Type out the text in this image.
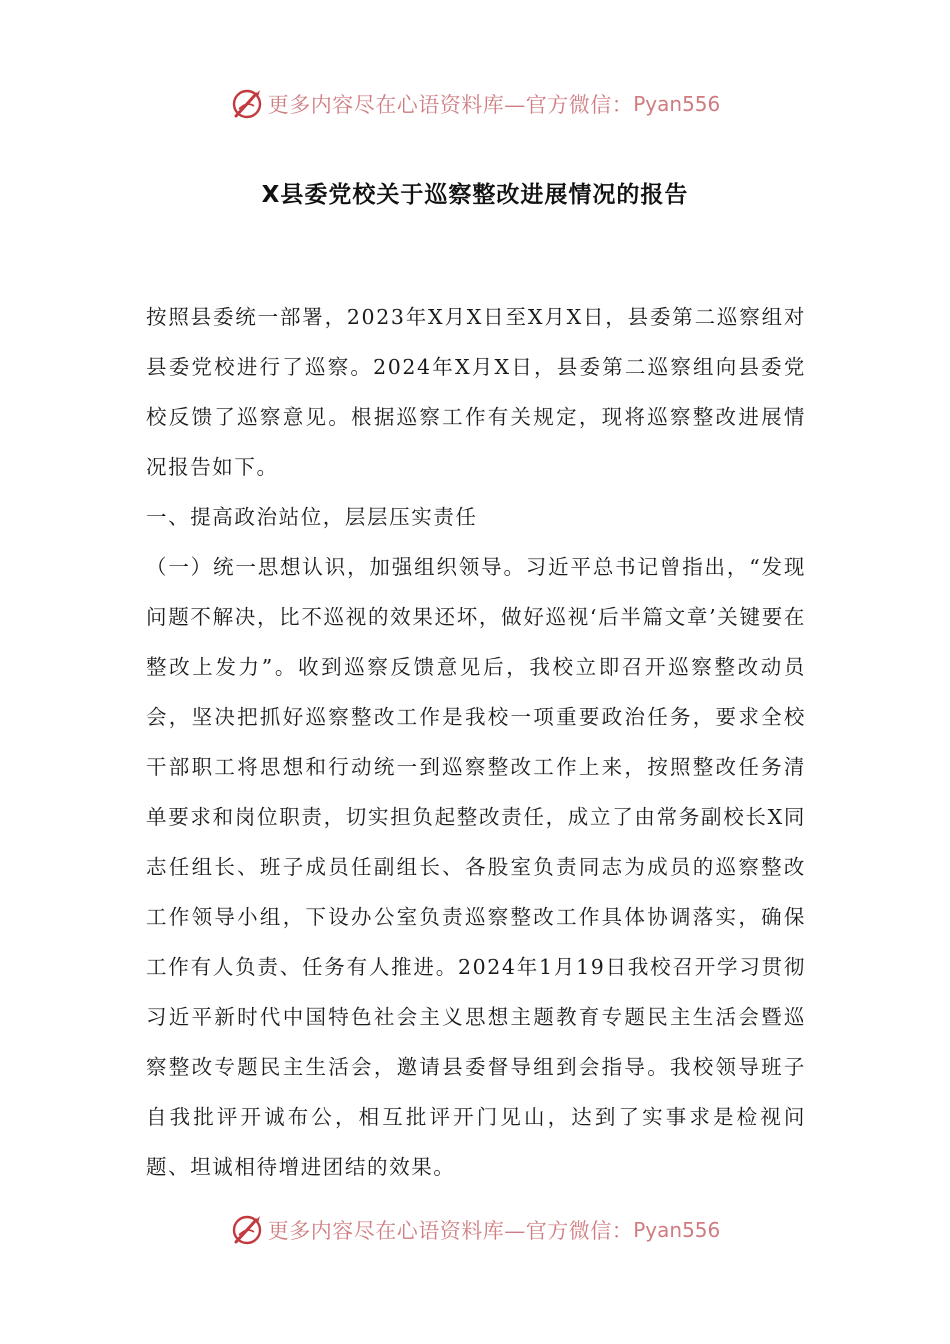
更多内容尽在心语资料库—官方微信： Pyan556
X县委党校关于巡察整改进展情况的报告

按照县委统一部署，2023年X月X日至X月X日，县委第二巡察组对县委党校进行了巡察。2024年X月X日，县委第二巡察组向县委党校反馈了巡察意见。根据巡察工作有关规定，现将巡察整改进展情况报告如下。

一、提高政治站位，层层压实责任

（一）统一思想认识，加强组织领导。习近平总书记曾指出，“发现问题不解决，比不巡视的效果还坏，做好巡视‘后半篇文章’关键要在整改上发力”。收到巡察反馈意见后，我校立即召开巡察整改动员会，坚决把抓好巡察整改工作是我校一项重要政治任务，要求全校干部职工将思想和行动统一到巡察整改工作上来，按照整改任务清单要求和岗位职责，切实担负起整改责任，成立了由常务副校长X同志任组长、班子成员任副组长、各股室负责同志为成员的巡察整改工作领导小组，下设办公室负责巡察整改工作具体协调落实，确保工作有人负责、任务有人推进。2024年1月19日我校召开学习贯彻习近平新时代中国特色社会主义思想主题教育专题民主生活会暨巡察整改专题民主生活会，邀请县委督导组到会指导。我校领导班子自我批评开诚布公，相互批评开门见山，达到了实事求是检视问题、坦诚相待增进团结的效果。

更多内容尽在心语资料库—官方微信： Pyan556
